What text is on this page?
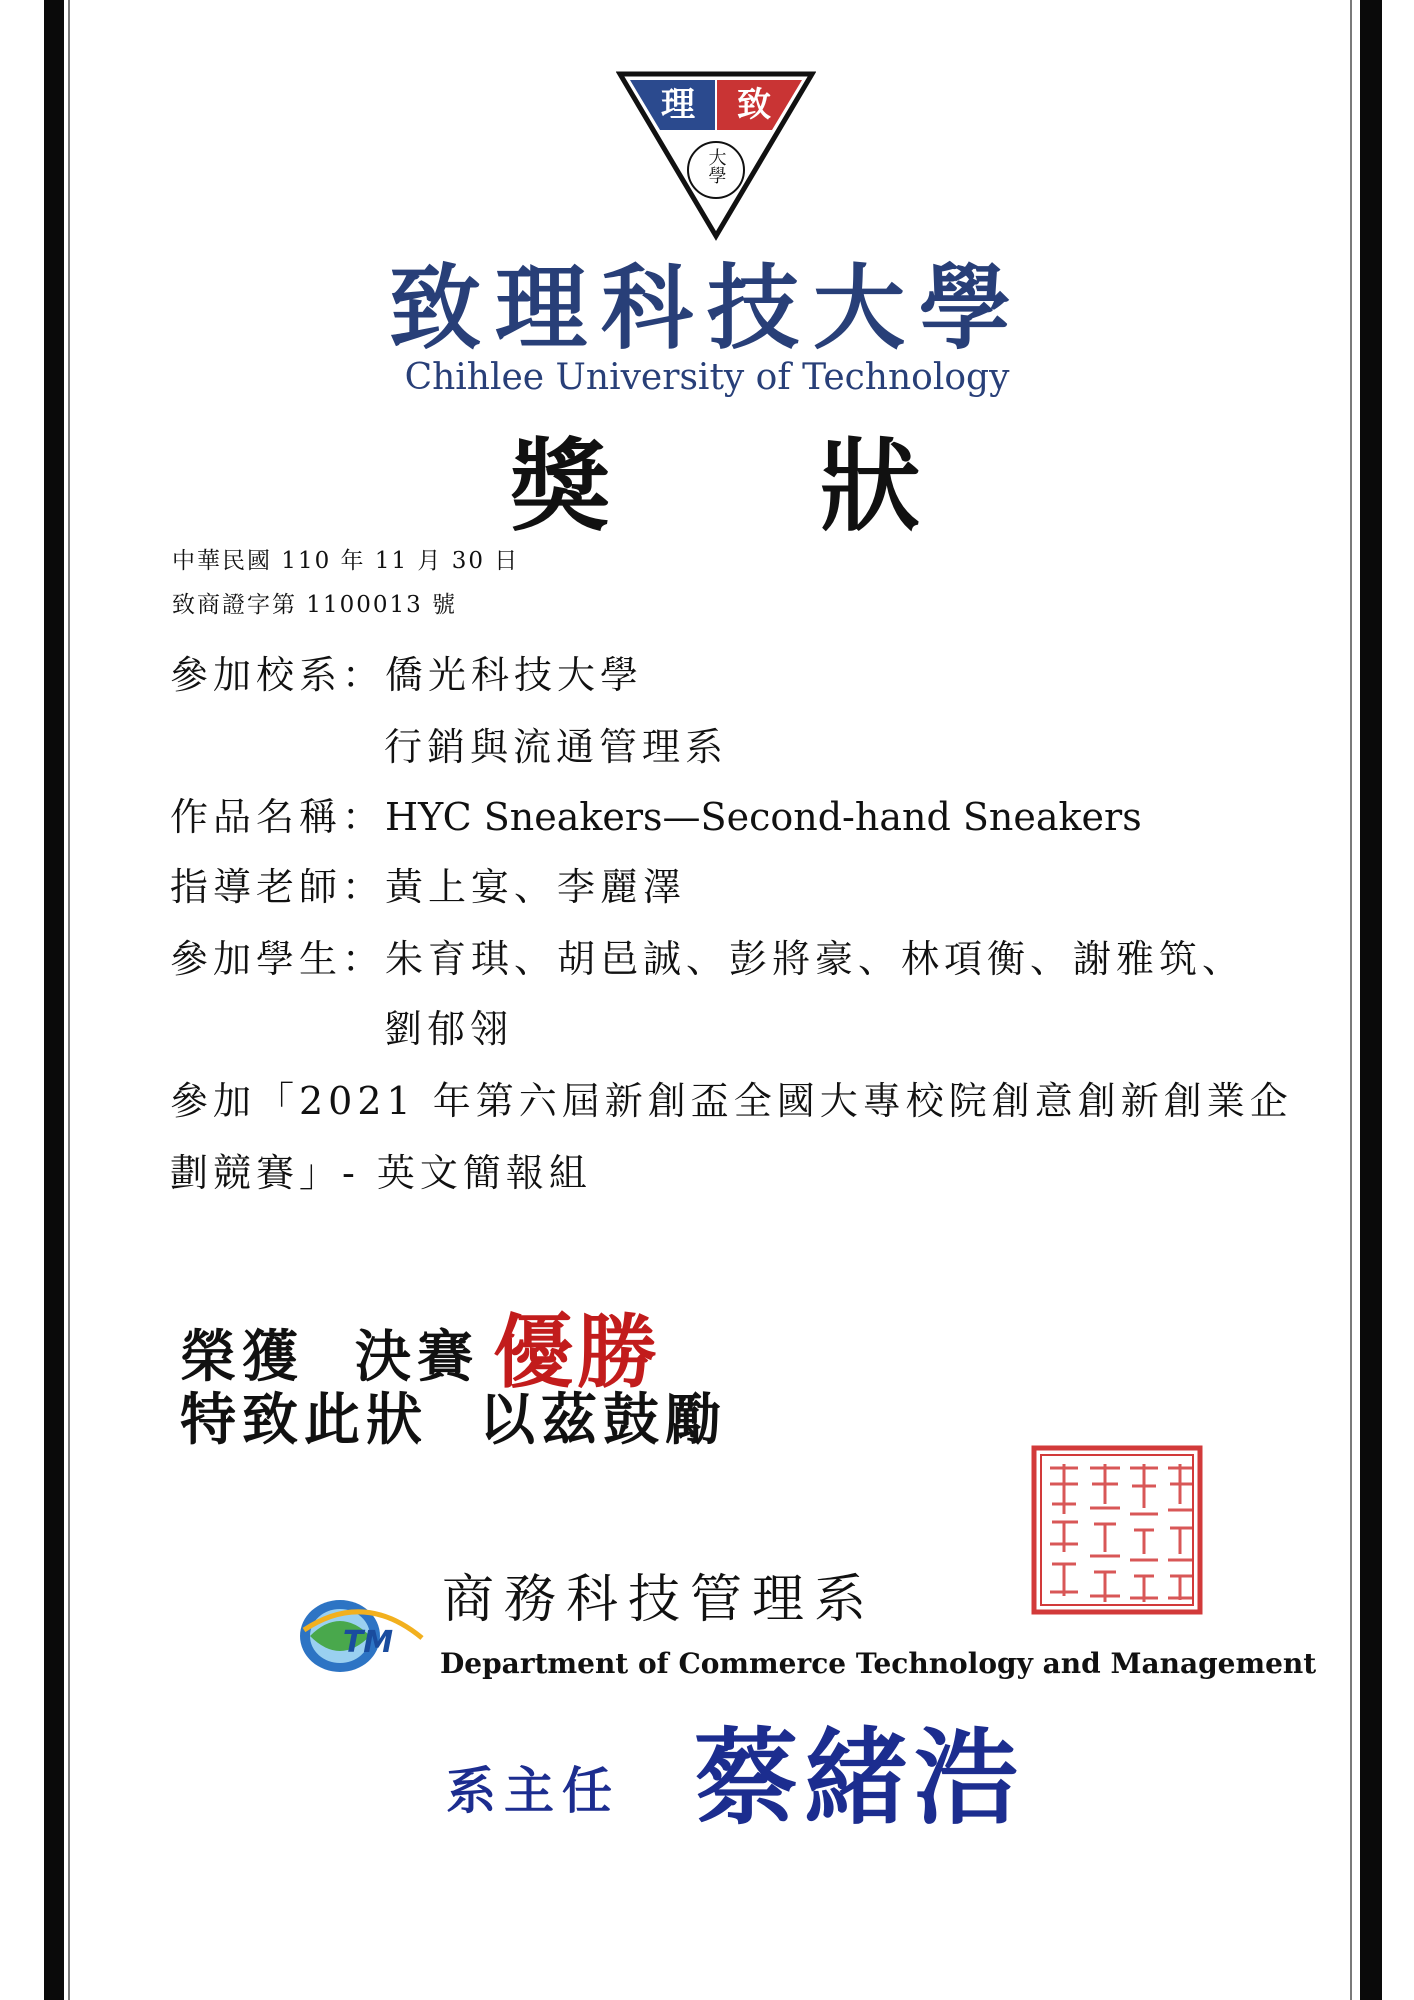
理 致
大學
致理科技大學
Chihlee University of Technology
獎 狀
中華民國 110 年 11 月 30 日
致商證字第 1100013 號
參加校系：僑光科技大學
行銷與流通管理系
作品名稱：HYC Sneakers—Second-hand Sneakers
指導老師：黃上宴、李麗澤
參加學生：朱育琪、胡邑誠、彭將豪、林項衡、謝雅筑、
劉郁翎
參加「2021 年第六屆新創盃全國大專校院創意創新創業企
劃競賽」- 英文簡報組
榮獲  決賽 優勝
特致此狀  以茲鼓勵
TM
商務科技管理系
Department of Commerce Technology and Management
系主任 蔡緒浩
